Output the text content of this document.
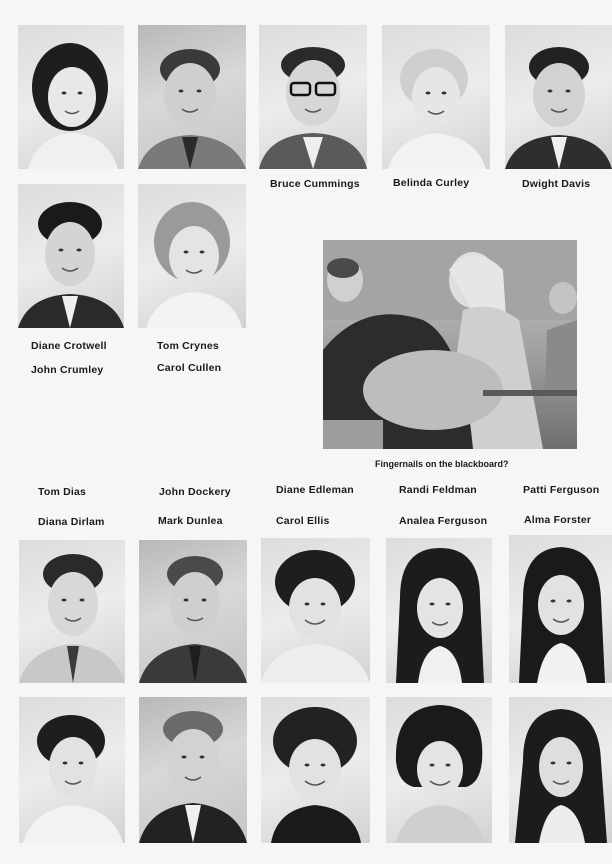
Bruce Cummings	Belinda Curley	Dwight Davis
Diane Crotwell
John Crumley
Tom Crynes
Carol Cullen
Fingernails on the blackboard?
Tom Dias	John Dockery	Diane Edleman	Randi Feldman	Patti Ferguson
Diana Dirlam	Mark Dunlea	Carol Ellis	Analea Ferguson	Alma Forster
